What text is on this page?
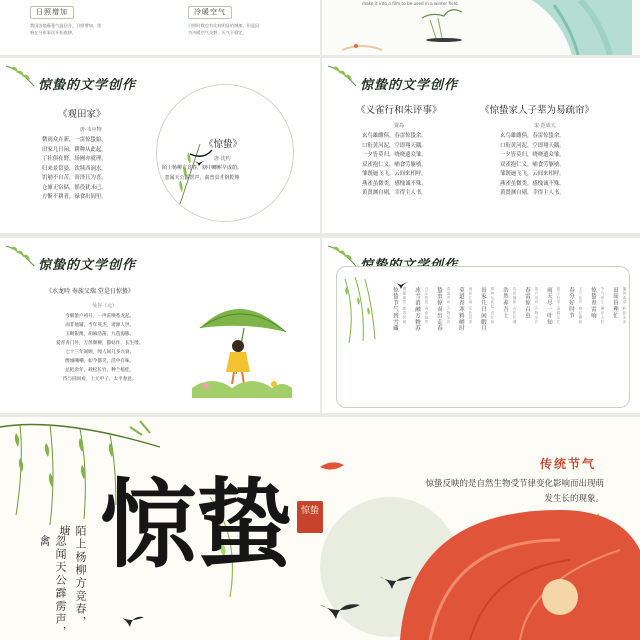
日照增加
我国各地藤蔓气温回升，日照增加，雷
响在分布事次开始春耕。
冷暖空气
日照时数也有比较明显的增加，但是因
为冷暖空气交替，天气不稳定。
make it into a film to be used in a winter field
惊蛰的文学创作
《观田家》
唐·韦应物
微雨众卉新，一雷惊蛰始。
田家几日闲，耕种从此起。
丁壮俱在野，场圃亦就理。
归来景常晏，饮犊西涧水。
饥劬不自苦，膏泽且为喜。
仓廪无宿储，徭役犹未已。
方惭不耕者，禄食出闾里。
《惊蛰》
唐·沈约
陌上杨柳方竞春，塘中鲫鲋早成荫。
忽闻天公霹雳声，禽兽虫豸倒乾坤
惊蛰的文学创作
《义雀行和朱评事》
贾岛
玄鸟雄雌俱，春雷惊蛰余。
口衔黄河泥，空即翔天隅。
一夕皆莫归，哓哓遗众雏。
双雀抱仁义，哺食劳躯劬。
雏既逦飞飞，云间来相呼。
燕雀虽微类，感愧诚不殊。
黄贤测自剔，幸得主人书。
《惊蛰家人子辈为易疏帘》
宋·范成大
玄鸟雄雌俱，春雷惊蛰余。
口衔黄河泥，空即翔天隅。
一夕皆莫归，哓哓遗众雏。
双雀抱仁义，哺食劳躯劬。
雏既逦飞飞，云间来相呼。
燕雀虽微类，感愧诚不殊。
黄贤测自剔，幸得主人书。
惊蛰的文学创作
《水龙吟 寿族父瑞 堂是日惊蛰》
吴存（元）
今朝蛰户初开，一声雷唤苍龙起。
而非他辅，当年英杰，诸源人世。
玉砌银澳，胡麻浩荡，九苞海豚。
爱青青门外，万丝颓柳，都姑作，长生缕。
七十三年间顾，闻人间几多兴衰。
醉城嘲嘲，如今都笑，活中有味。
总把余年，载松长竹，种兰植桂。
待与圆同看，上元甲子，太平春意。
惊蛰节气到雪藏 柳絮嫣然·新春风暖 冰雪消融万物苏 百花待放·春意盎然 蛰虫惊而出走春 春雷声动·万物复苏 莫道春寒料峭时 雨润江南·草色青青 田家几日闲暇月 耕种从此起·农忙始 浩然养吾土 春风拂面·山花烂漫 春雷惊百虫 蛰户初开·万物生长 雨天尽一叶知 燕子归来·春耕正忙 春分好时节 玉兰花开·桃红柳绿 惊蛰春雷响 节气养生·顺应天时 田间管理忙 播种希望·收获未来
惊蛰 惊蛰
陌上杨柳方竞春，塘
忽闻天公霹雳声，禽
传统节气
惊蛰反映的是自然生物受节律变化影响而出现萌发生长的现象。
